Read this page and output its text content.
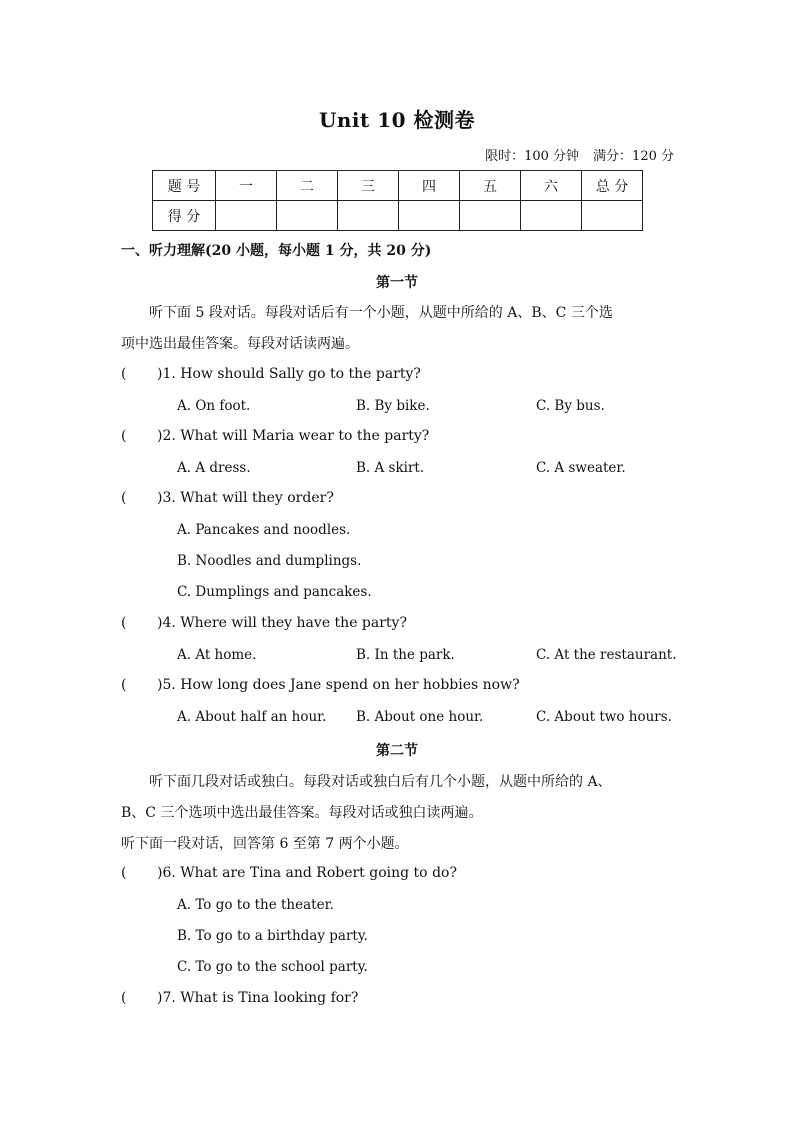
Unit 10 检测卷
限时：100 分钟 满分：120 分
题 号	一	二	三	四	五	六	总 分
得 分							
一、听力理解(20 小题，每小题 1 分，共 20 分)
第一节
听下面 5 段对话。每段对话后有一个小题，从题中所给的 A、B、C 三个选
项中选出最佳答案。每段对话读两遍。
( )1. How should Sally go to the party?
A. On foot.	B. By bike.	C. By bus.
( )2. What will Maria wear to the party?
A. A dress.	B. A skirt.	C. A sweater.
( )3. What will they order?
A. Pancakes and noodles.
B. Noodles and dumplings.
C. Dumplings and pancakes.
( )4. Where will they have the party?
A. At home.	B. In the park.	C. At the restaurant.
( )5. How long does Jane spend on her hobbies now?
A. About half an hour. B. About one hour.	C. About two hours.
第二节
听下面几段对话或独白。每段对话或独白后有几个小题，从题中所给的 A、
B、C 三个选项中选出最佳答案。每段对话或独白读两遍。
听下面一段对话，回答第 6 至第 7 两个小题。
( )6. What are Tina and Robert going to do?
A. To go to the theater.
B. To go to a birthday party.
C. To go to the school party.
( )7. What is Tina looking for?
